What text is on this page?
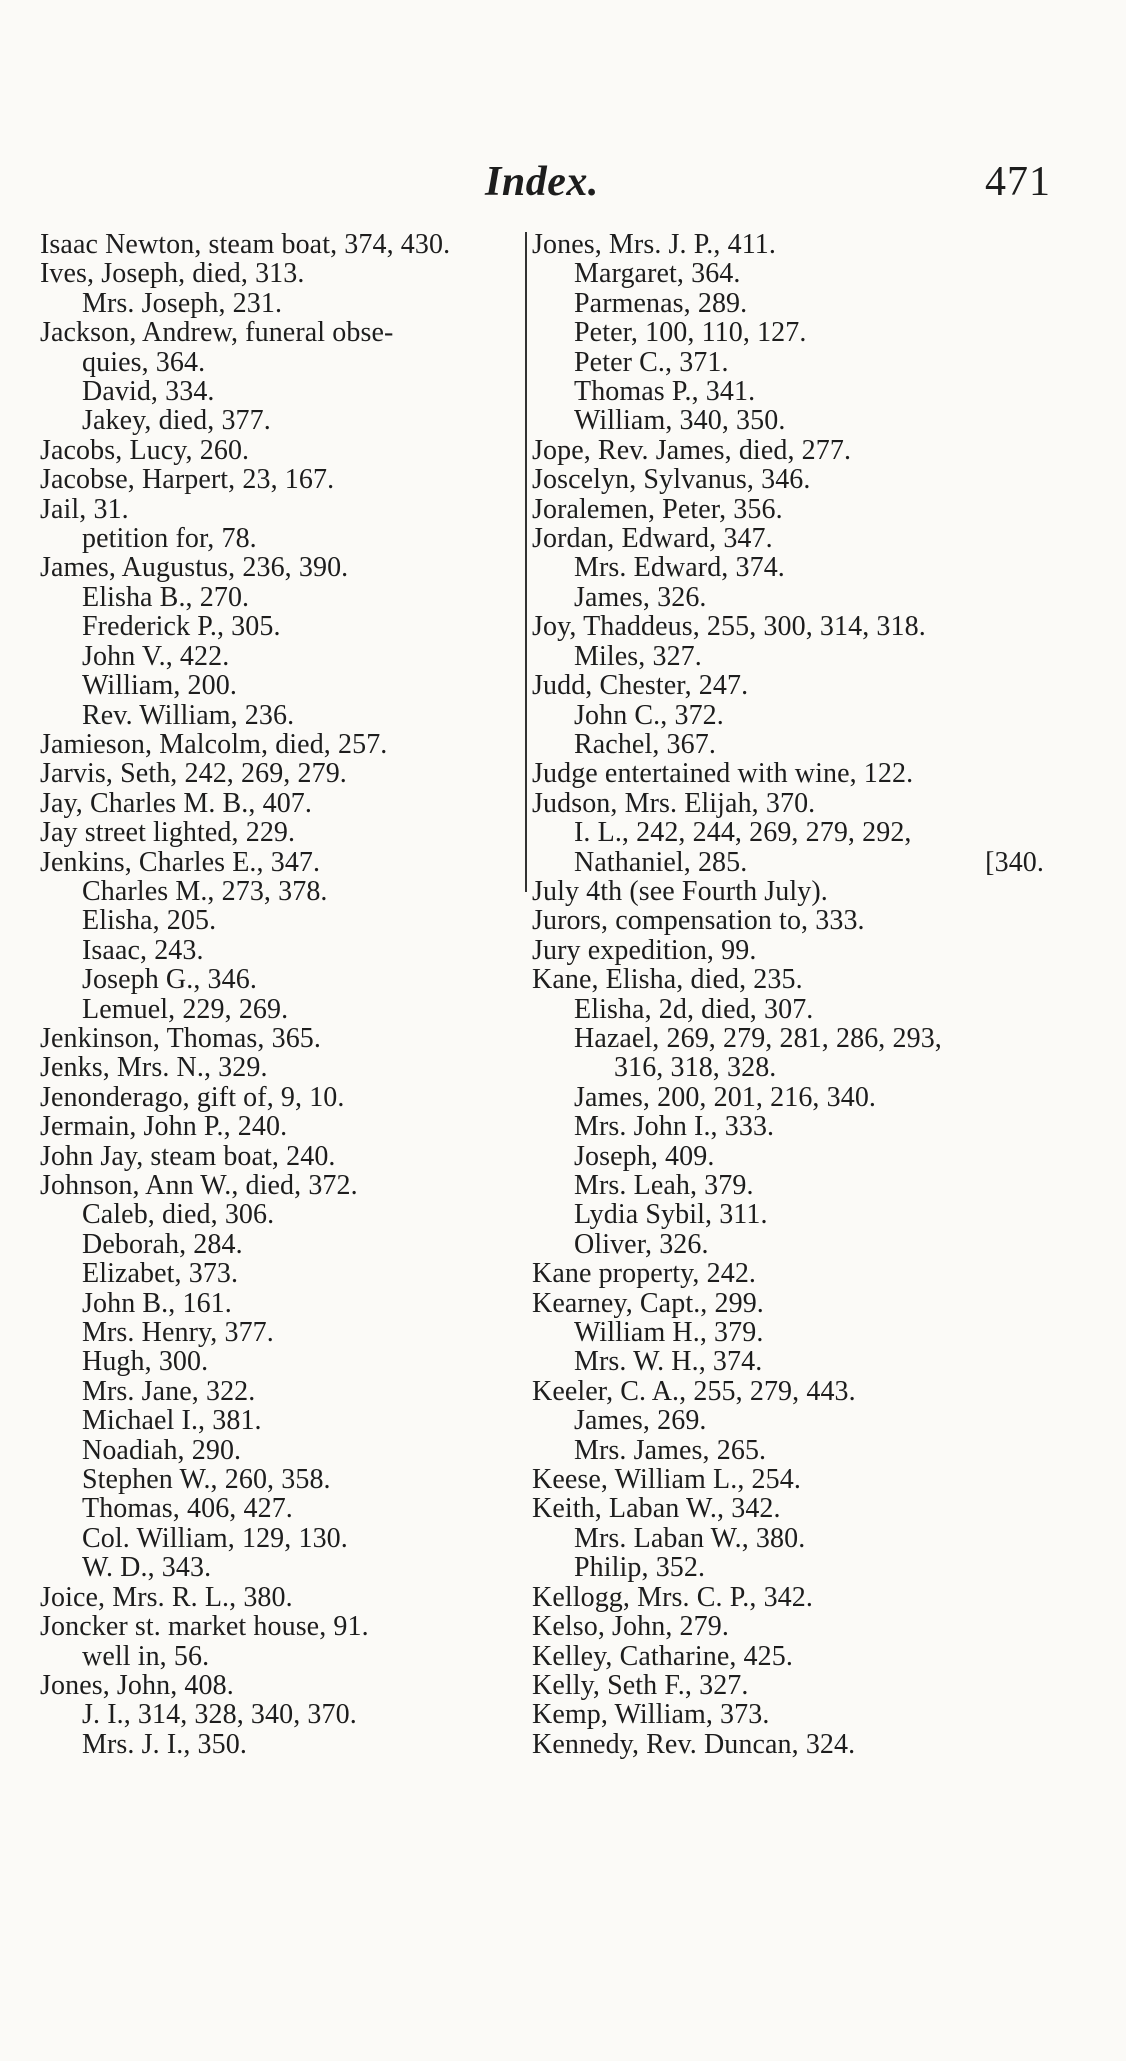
Index.	471
Isaac Newton, steam boat, 374, 430.
Ives, Joseph, died, 313.
Mrs. Joseph, 231.
Jackson, Andrew, funeral obse-
quies, 364.
David, 334.
Jakey, died, 377.
Jacobs, Lucy, 260.
Jacobse, Harpert, 23, 167.
Jail, 31.
petition for, 78.
James, Augustus, 236, 390.
Elisha B., 270.
Frederick P., 305.
John V., 422.
William, 200.
Rev. William, 236.
Jamieson, Malcolm, died, 257.
Jarvis, Seth, 242, 269, 279.
Jay, Charles M. B., 407.
Jay street lighted, 229.
Jenkins, Charles E., 347.
Charles M., 273, 378.
Elisha, 205.
Isaac, 243.
Joseph G., 346.
Lemuel, 229, 269.
Jenkinson, Thomas, 365.
Jenks, Mrs. N., 329.
Jenonderago, gift of, 9, 10.
Jermain, John P., 240.
John Jay, steam boat, 240.
Johnson, Ann W., died, 372.
Caleb, died, 306.
Deborah, 284.
Elizabet, 373.
John B., 161.
Mrs. Henry, 377.
Hugh, 300.
Mrs. Jane, 322.
Michael I., 381.
Noadiah, 290.
Stephen W., 260, 358.
Thomas, 406, 427.
Col. William, 129, 130.
W. D., 343.
Joice, Mrs. R. L., 380.
Joncker st. market house, 91.
well in, 56.
Jones, John, 408.
J. I., 314, 328, 340, 370.
Mrs. J. I., 350.
Jones, Mrs. J. P., 411.
Margaret, 364.
Parmenas, 289.
Peter, 100, 110, 127.
Peter C., 371.
Thomas P., 341.
William, 340, 350.
Jope, Rev. James, died, 277.
Joscelyn, Sylvanus, 346.
Joralemen, Peter, 356.
Jordan, Edward, 347.
Mrs. Edward, 374.
James, 326.
Joy, Thaddeus, 255, 300, 314, 318.
Miles, 327.
Judd, Chester, 247.
John C., 372.
Rachel, 367.
Judge entertained with wine, 122.
Judson, Mrs. Elijah, 370.
I. L., 242, 244, 269, 279, 292,
Nathaniel, 285.	[340.
July 4th (see Fourth July).
Jurors, compensation to, 333.
Jury expedition, 99.
Kane, Elisha, died, 235.
Elisha, 2d, died, 307.
Hazael, 269, 279, 281, 286, 293,
316, 318, 328.
James, 200, 201, 216, 340.
Mrs. John I., 333.
Joseph, 409.
Mrs. Leah, 379.
Lydia Sybil, 311.
Oliver, 326.
Kane property, 242.
Kearney, Capt., 299.
William H., 379.
Mrs. W. H., 374.
Keeler, C. A., 255, 279, 443.
James, 269.
Mrs. James, 265.
Keese, William L., 254.
Keith, Laban W., 342.
Mrs. Laban W., 380.
Philip, 352.
Kellogg, Mrs. C. P., 342.
Kelso, John, 279.
Kelley, Catharine, 425.
Kelly, Seth F., 327.
Kemp, William, 373.
Kennedy, Rev. Duncan, 324.
